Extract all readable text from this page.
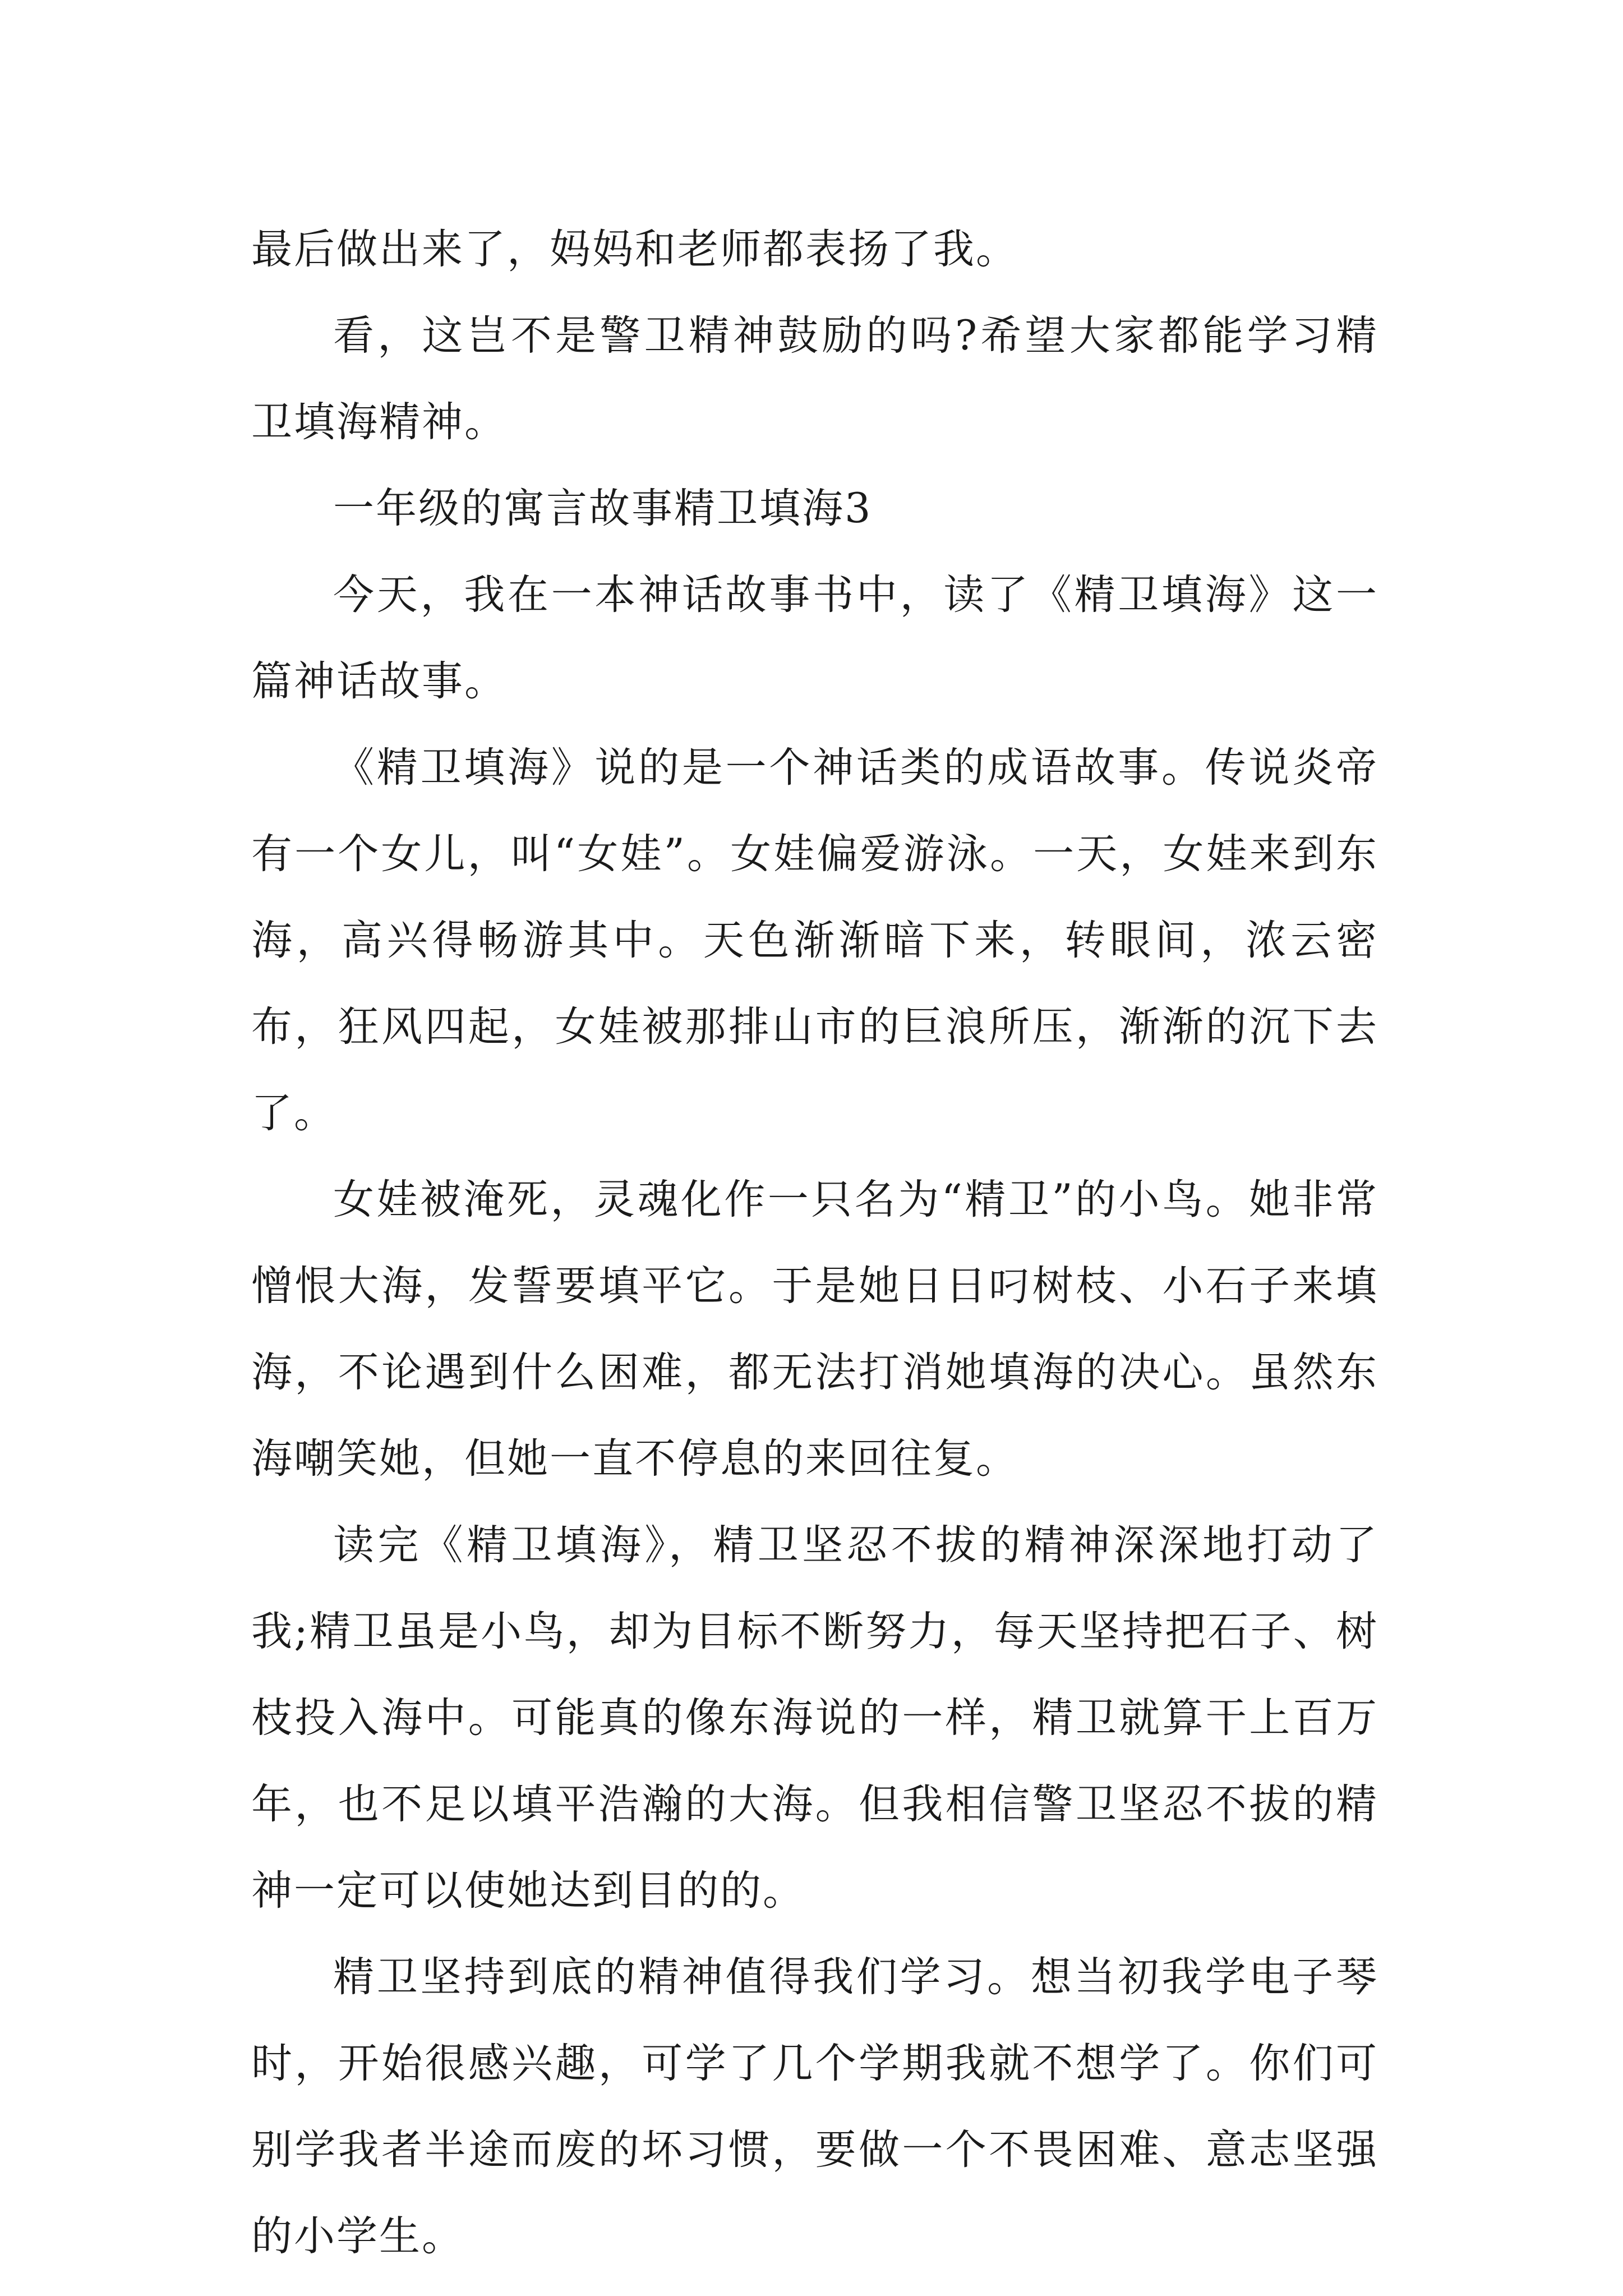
最后做出来了，妈妈和老师都表扬了我。

看，这岂不是警卫精神鼓励的吗?希望大家都能学习精卫填海精神。

一年级的寓言故事精卫填海3

今天，我在一本神话故事书中，读了《精卫填海》这一篇神话故事。

《精卫填海》说的是一个神话类的成语故事。传说炎帝有一个女儿，叫“女娃”。女娃偏爱游泳。一天，女娃来到东海，高兴得畅游其中。天色渐渐暗下来，转眼间，浓云密布，狂风四起，女娃被那排山市的巨浪所压，渐渐的沉下去了。

女娃被淹死，灵魂化作一只名为“精卫”的小鸟。她非常憎恨大海，发誓要填平它。于是她日日叼树枝、小石子来填海，不论遇到什么困难，都无法打消她填海的决心。虽然东海嘲笑她，但她一直不停息的来回往复。

读完《精卫填海》，精卫坚忍不拔的精神深深地打动了我;精卫虽是小鸟，却为目标不断努力，每天坚持把石子、树枝投入海中。可能真的像东海说的一样，精卫就算干上百万年，也不足以填平浩瀚的大海。但我相信警卫坚忍不拔的精神一定可以使她达到目的的。

精卫坚持到底的精神值得我们学习。想当初我学电子琴时，开始很感兴趣，可学了几个学期我就不想学了。你们可别学我者半途而废的坏习惯，要做一个不畏困难、意志坚强的小学生。
